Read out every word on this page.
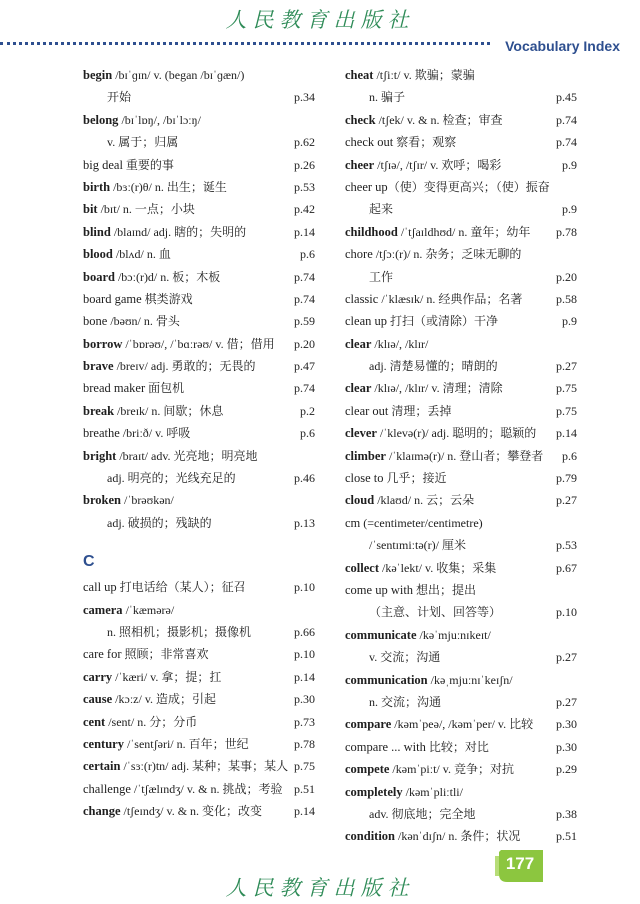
人民教育出版社
Vocabulary Index
begin /bɪˈɡɪn/ v. (began /bɪˈɡæn/)
开始	p.34
belong /bɪˈlɒŋ/, /bɪˈlɔːŋ/
v. 属于；归属	p.62
big deal 重要的事	p.26
birth /bɜː(r)θ/ n. 出生；诞生	p.53
bit /bɪt/ n. 一点；小块	p.42
blind /blaɪnd/ adj. 瞎的；失明的	p.14
blood /blʌd/ n. 血	p.6
board /bɔː(r)d/ n. 板；木板	p.74
board game 棋类游戏	p.74
bone /bəʊn/ n. 骨头	p.59
borrow /ˈbɒrəʊ/, /ˈbɑːrəʊ/ v. 借；借用 p.20
brave /breɪv/ adj. 勇敢的；无畏的	p.47
bread maker 面包机	p.74
break /breɪk/ n. 间歇；休息	p.2
breathe /briːð/ v. 呼吸	p.6
bright /braɪt/ adv. 光亮地；明亮地
adj. 明亮的；光线充足的	p.46
broken /ˈbrəʊkən/
adj. 破损的；残缺的	p.13
C
call up 打电话给（某人）；征召	p.10
camera /ˈkæmərə/
n. 照相机；摄影机；摄像机	p.66
care for 照顾；非常喜欢	p.10
carry /ˈkæri/ v. 拿；提；扛	p.14
cause /kɔːz/ v. 造成；引起	p.30
cent /sent/ n. 分；分币	p.73
century /ˈsentʃəri/ n. 百年；世纪	p.78
certain /ˈsɜː(r)tn/ adj. 某种；某事；某人 p.75
challenge /ˈtʃælɪndʒ/ v. & n. 挑战；考验 p.51
change /tʃeɪndʒ/ v. & n. 变化；改变	p.14
cheat /tʃiːt/ v. 欺骗；蒙骗
n. 骗子	p.45
check /tʃek/ v. & n. 检查；审查	p.74
check out 察看；观察	p.74
cheer /tʃɪə/, /tʃɪr/ v. 欢呼；喝彩	p.9
cheer up（使）变得更高兴；（使）振奋
起来	p.9
childhood /ˈtʃaɪldhʊd/ n. 童年；幼年 p.78
chore /tʃɔː(r)/ n. 杂务；乏味无聊的
工作	p.20
classic /ˈklæsɪk/ n. 经典作品；名著	p.58
clean up 打扫（或清除）干净	p.9
clear /klɪə/, /klɪr/
adj. 清楚易懂的；晴朗的	p.27
clear /klɪə/, /klɪr/ v. 清理；清除	p.75
clear out 清理；丢掉	p.75
clever /ˈklevə(r)/ adj. 聪明的；聪颖的 p.14
climber /ˈklaɪmə(r)/ n. 登山者；攀登者 p.6
close to 几乎；接近	p.79
cloud /klaʊd/ n. 云；云朵	p.27
cm (=centimeter/centimetre)
/ˈsentɪmiːtə(r)/ 厘米	p.53
collect /kəˈlekt/ v. 收集；采集	p.67
come up with 想出；提出
（主意、计划、回答等）	p.10
communicate /kəˈmjuːnɪkeɪt/
v. 交流；沟通	p.27
communication /kəˌmjuːnɪˈkeɪʃn/
n. 交流；沟通	p.27
compare /kəmˈpeə/, /kəmˈper/ v. 比较 p.30
compare ... with 比较；对比	p.30
compete /kəmˈpiːt/ v. 竞争；对抗	p.29
completely /kəmˈpliːtli/
adv. 彻底地；完全地	p.38
condition /kənˈdɪʃn/ n. 条件；状况	p.51
177
人民教育出版社
